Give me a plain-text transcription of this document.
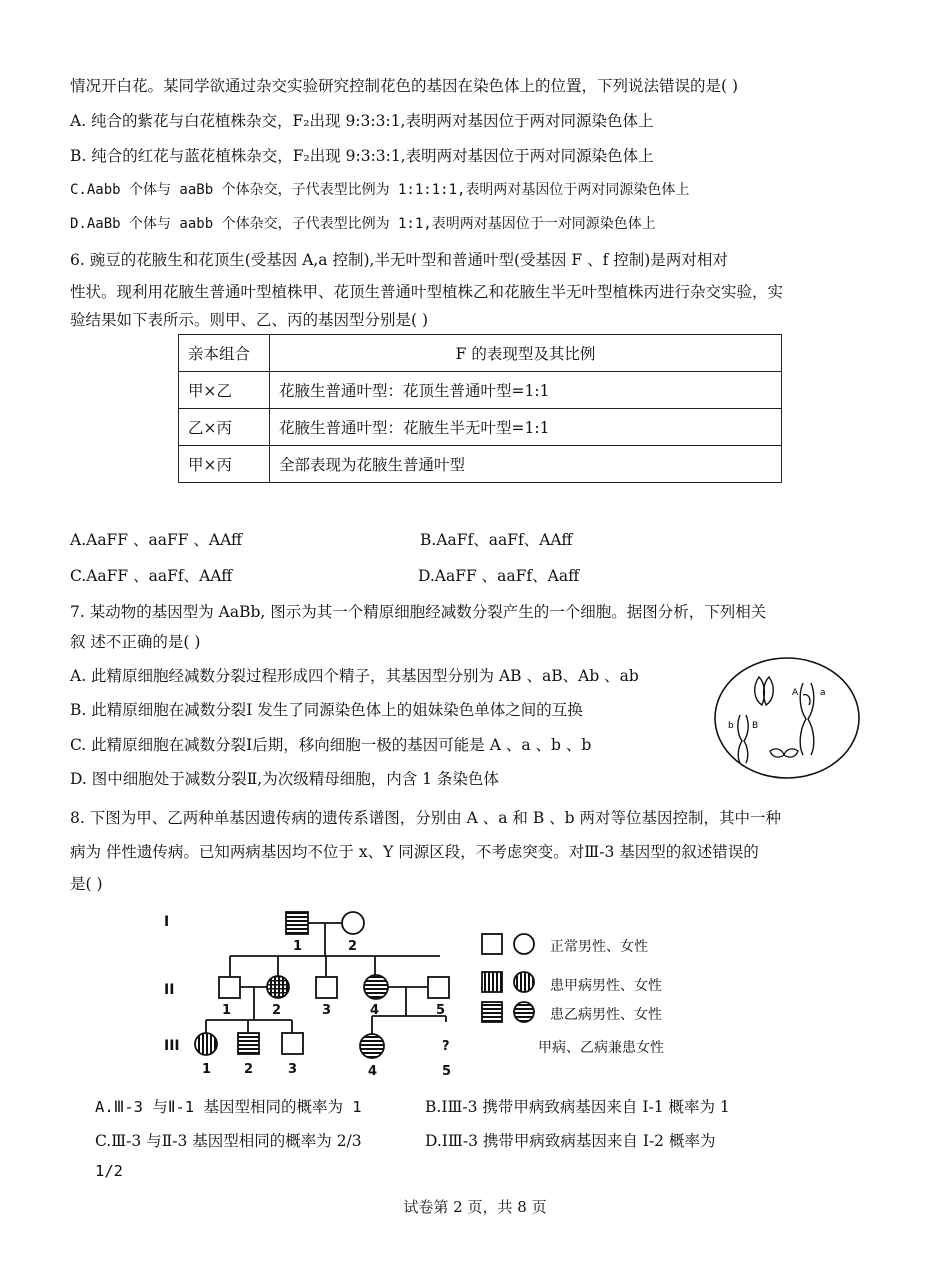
情况开白花。某同学欲通过杂交实验研究控制花色的基因在染色体上的位置，下列说法错误的是( )
A. 纯合的紫花与白花植株杂交，F₂出现 9:3:3:1,表明两对基因位于两对同源染色体上
B. 纯合的红花与蓝花植株杂交，F₂出现 9:3:3:1,表明两对基因位于两对同源染色体上
C.Aabb 个体与 aaBb 个体杂交，子代表型比例为 1:1:1:1,表明两对基因位于两对同源染色体上
D.AaBb 个体与 aabb 个体杂交，子代表型比例为 1:1,表明两对基因位于一对同源染色体上
6. 豌豆的花腋生和花顶生(受基因 A,a 控制),半无叶型和普通叶型(受基因 F 、f 控制)是两对相对
性状。现利用花腋生普通叶型植株甲、花顶生普通叶型植株乙和花腋生半无叶型植株丙进行杂交实验，实
验结果如下表所示。则甲、乙、丙的基因型分别是( )
亲本组合	F 的表现型及其比例
甲×乙	花腋生普通叶型：花顶生普通叶型=1:1
乙×丙	花腋生普通叶型：花腋生半无叶型=1:1
甲×丙	全部表现为花腋生普通叶型
A.AaFF 、aaFF 、AAff	B.AaFf、aaFf、AAff
C.AaFF 、aaFf、AAff	D.AaFF 、aaFf、Aaff
7. 某动物的基因型为 AaBb, 图示为其一个精原细胞经减数分裂产生的一个细胞。据图分析，下列相关
叙 述不正确的是( )
A. 此精原细胞经减数分裂过程形成四个精子，其基因型分别为 AB 、aB、Ab 、ab
B. 此精原细胞在减数分裂Ⅰ 发生了同源染色体上的姐妹染色单体之间的互换
C. 此精原细胞在减数分裂Ⅰ后期，移向细胞一极的基因可能是 A 、a 、b 、b
D. 图中细胞处于减数分裂Ⅱ,为次级精母细胞，内含 1 条染色体
A a
b B
8. 下图为甲、乙两种单基因遗传病的遗传系谱图，分别由 A 、a 和 B 、b 两对等位基因控制，其中一种
病为 伴性遗传病。已知两病基因均不位于 x、Y 同源区段，不考虑突变。对Ⅲ-3 基因型的叙述错误的
是( )
I
II
III
1	2
1	2	3	4	5
1	2	3	4
?
5
正常男性、女性
患甲病男性、女性
患乙病男性、女性
甲病、乙病兼患女性
A.Ⅲ-3 与Ⅱ-1 基因型相同的概率为 1	B.IⅢ-3 携带甲病致病基因来自 I-1 概率为 1
C.Ⅲ-3 与Ⅱ-3 基因型相同的概率为 2/3	D.IⅢ-3 携带甲病致病基因来自 I-2 概率为
1/2
试卷第 2 页，共 8 页
